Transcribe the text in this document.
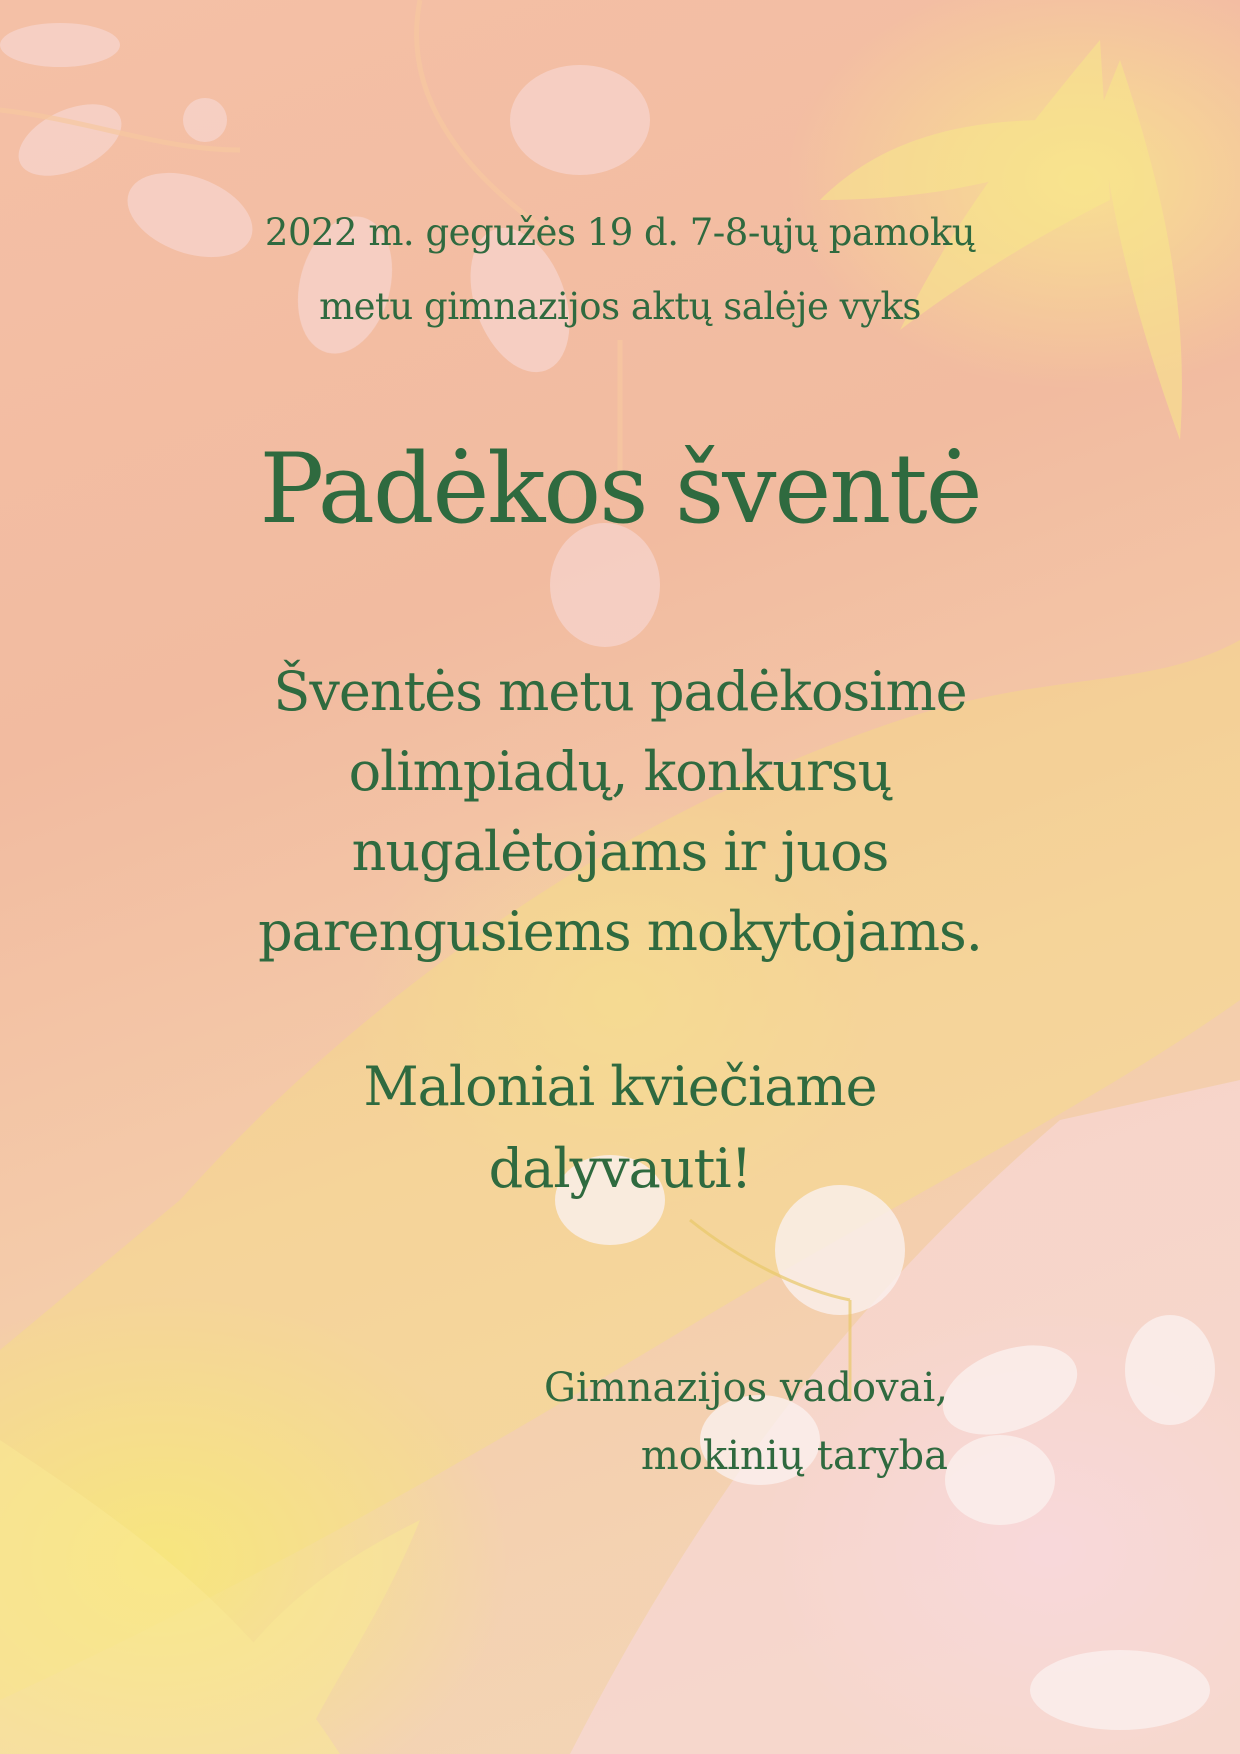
2022 m. gegužės 19 d. 7-8-ųjų pamokų
metu gimnazijos aktų salėje vyks

Padėkos šventė

Šventės metu padėkosime
olimpiadų, konkursų
nugalėtojams ir juos
parengusiems mokytojams.

Maloniai kviečiame
dalyvauti!

Gimnazijos vadovai,
mokinių taryba
